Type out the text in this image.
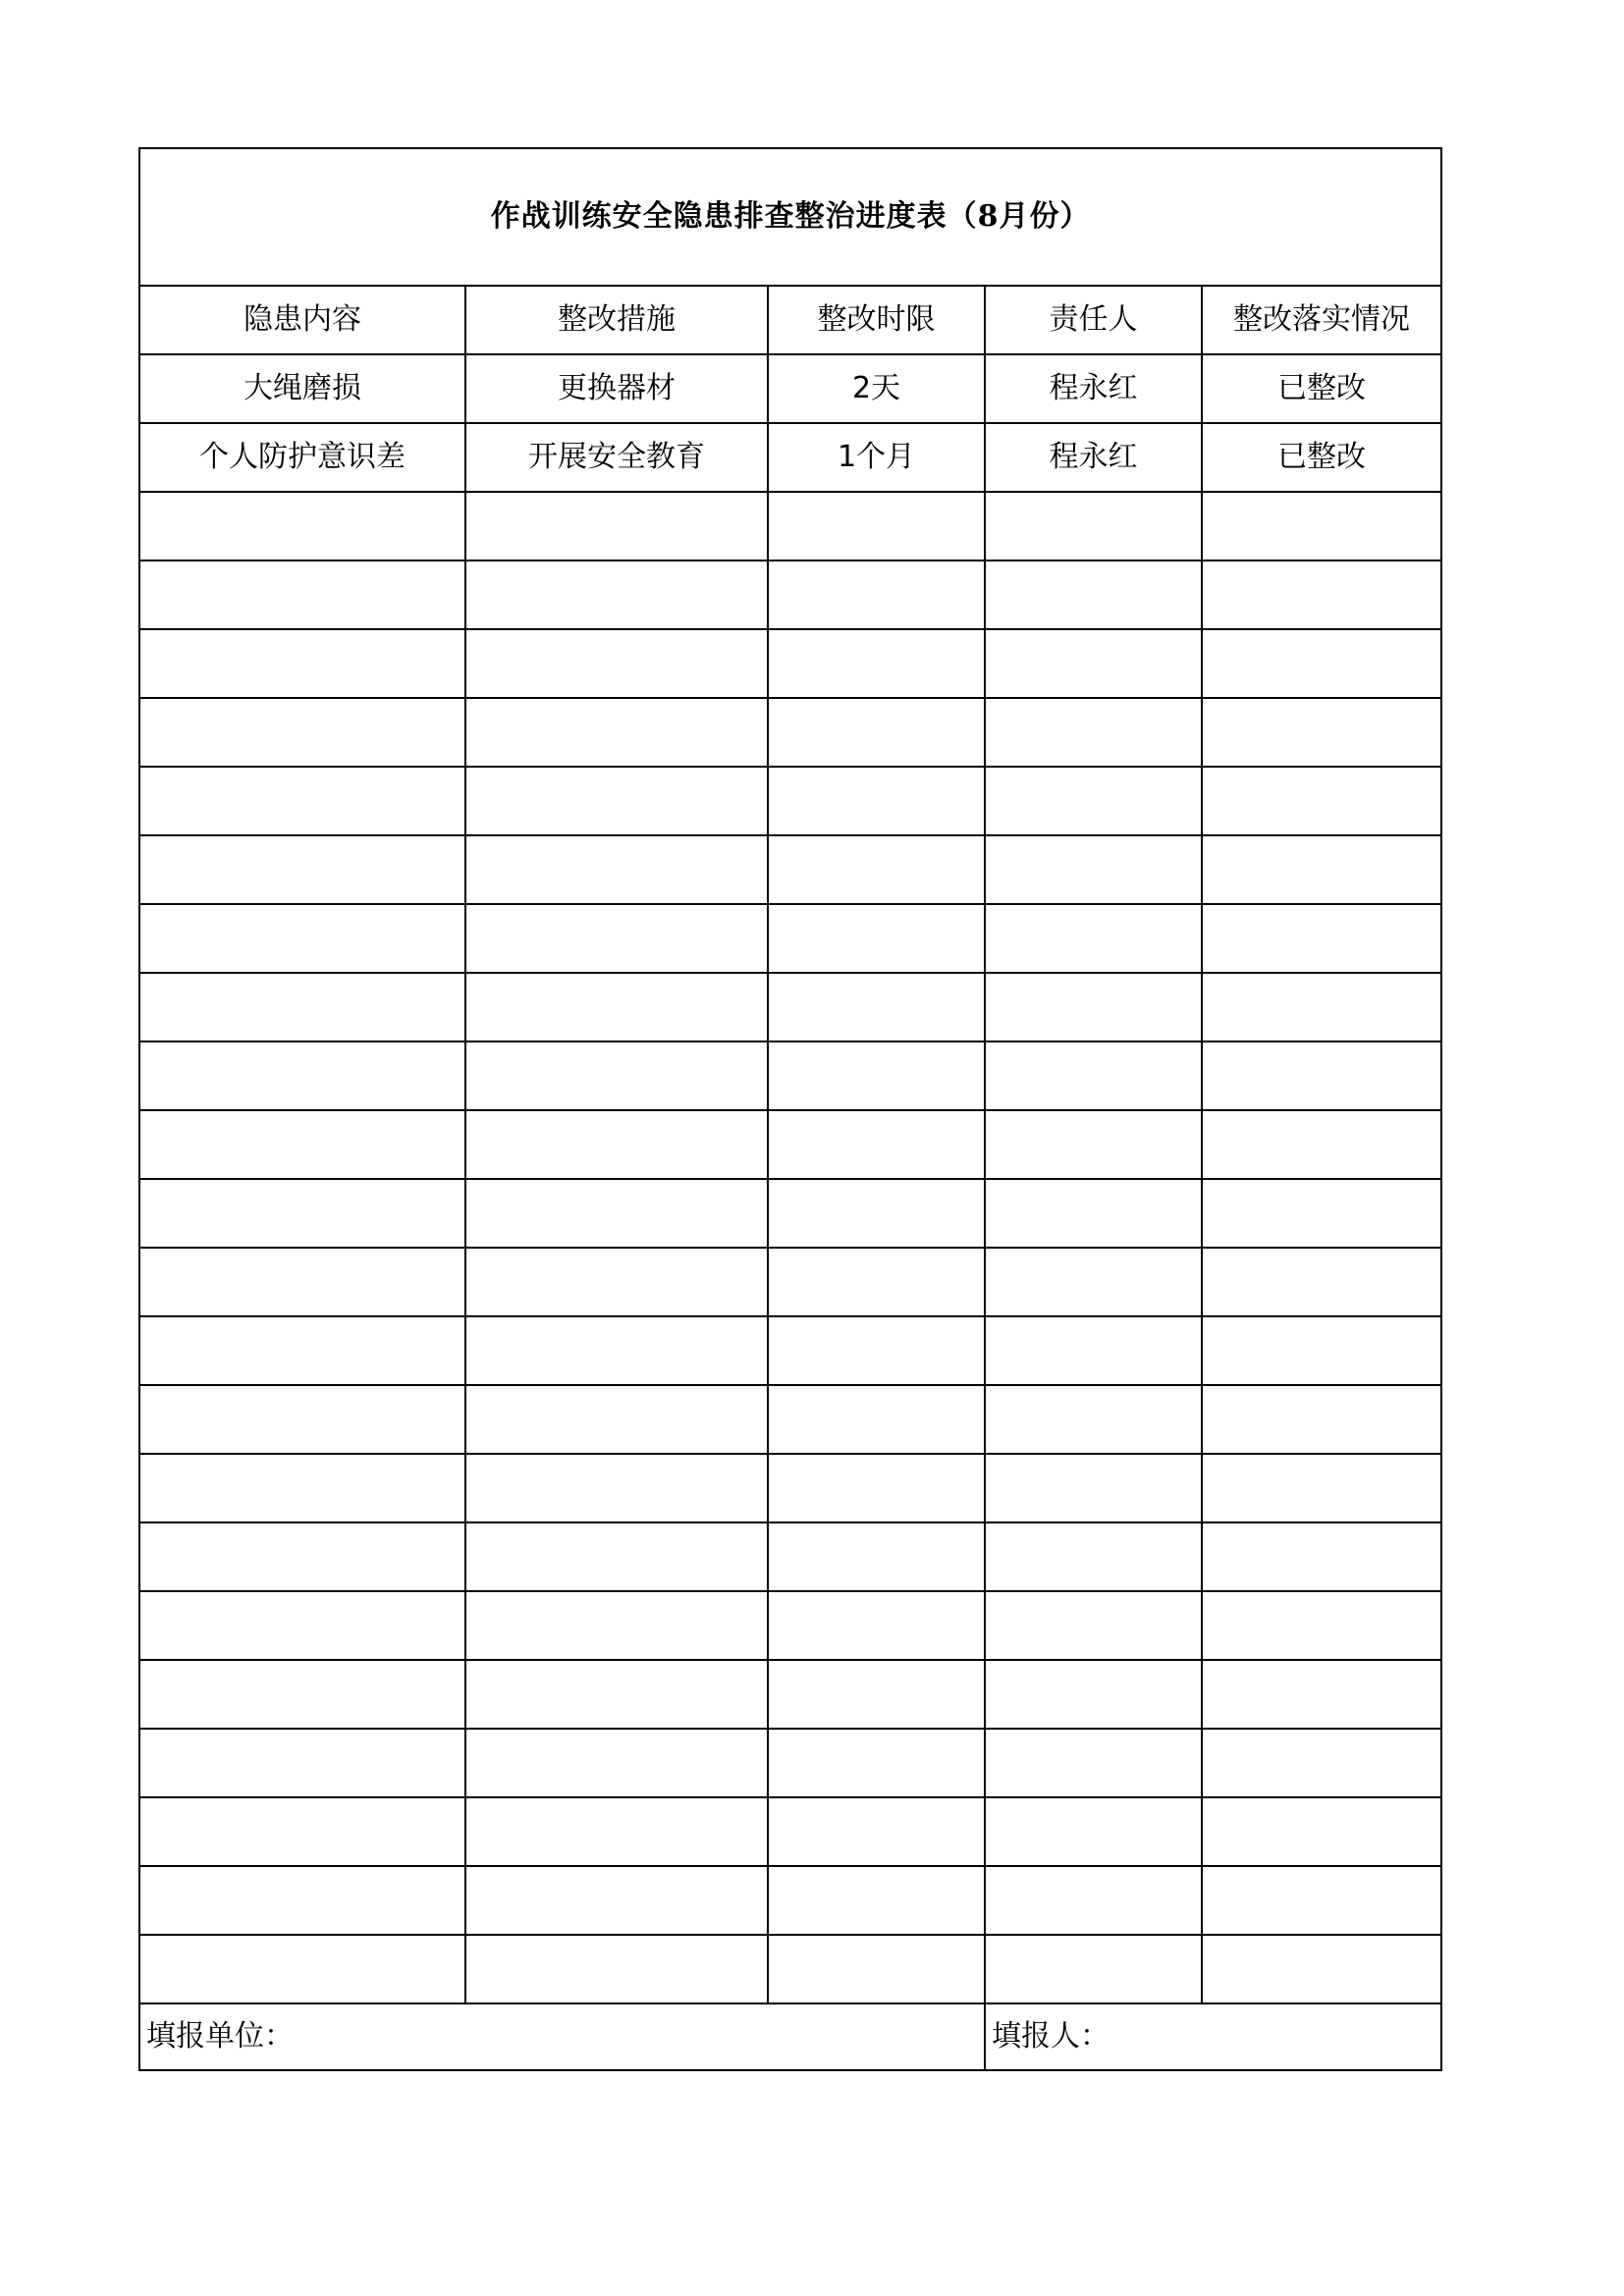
作战训练安全隐患排查整治进度表（8月份）				
隐患内容	整改措施	整改时限	责任人	整改落实情况
大绳磨损	更换器材	2天	程永红	已整改
个人防护意识差	开展安全教育	1个月	程永红	已整改

填报单位：			填报人：	
